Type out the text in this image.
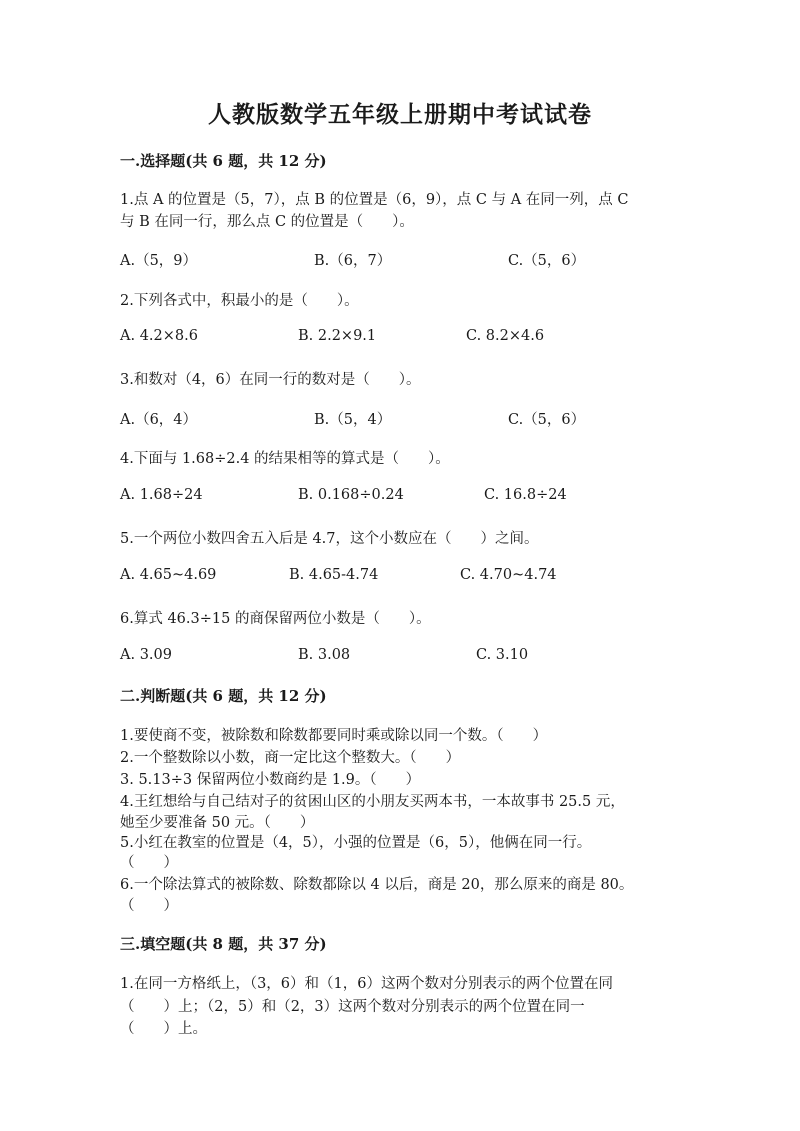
人教版数学五年级上册期中考试试卷
一.选择题(共 6 题，共 12 分)
1.点 A 的位置是（5，7），点 B 的位置是（6，9），点 C 与 A 在同一列，点 C
与 B 在同一行，那么点 C 的位置是（　　）。
A.（5，9）	B.（6，7）	C.（5，6）
2.下列各式中，积最小的是（　　）。
A. 4.2×8.6	B. 2.2×9.1	C. 8.2×4.6
3.和数对（4，6）在同一行的数对是（　　）。
A.（6，4）	B.（5，4）	C.（5，6）
4.下面与 1.68÷2.4 的结果相等的算式是（　　）。
A. 1.68÷24	B. 0.168÷0.24	C. 16.8÷24
5.一个两位小数四舍五入后是 4.7，这个小数应在（　　）之间。
A. 4.65~4.69	B. 4.65-4.74	C. 4.70~4.74
6.算式 46.3÷15 的商保留两位小数是（　　）。
A. 3.09	B. 3.08	C. 3.10
二.判断题(共 6 题，共 12 分)
1.要使商不变，被除数和除数都要同时乘或除以同一个数。（　　）
2.一个整数除以小数，商一定比这个整数大。（　　）
3. 5.13÷3 保留两位小数商约是 1.9。（　　）
4.王红想给与自己结对子的贫困山区的小朋友买两本书，一本故事书 25.5 元，
她至少要准备 50 元。（　　）
5.小红在教室的位置是（4，5），小强的位置是（6，5），他俩在同一行。
（　　）
6.一个除法算式的被除数、除数都除以 4 以后，商是 20，那么原来的商是 80。
（　　）
三.填空题(共 8 题，共 37 分)
1.在同一方格纸上，（3，6）和（1，6）这两个数对分别表示的两个位置在同
（　　）上；（2，5）和（2，3）这两个数对分别表示的两个位置在同一
（　　）上。
